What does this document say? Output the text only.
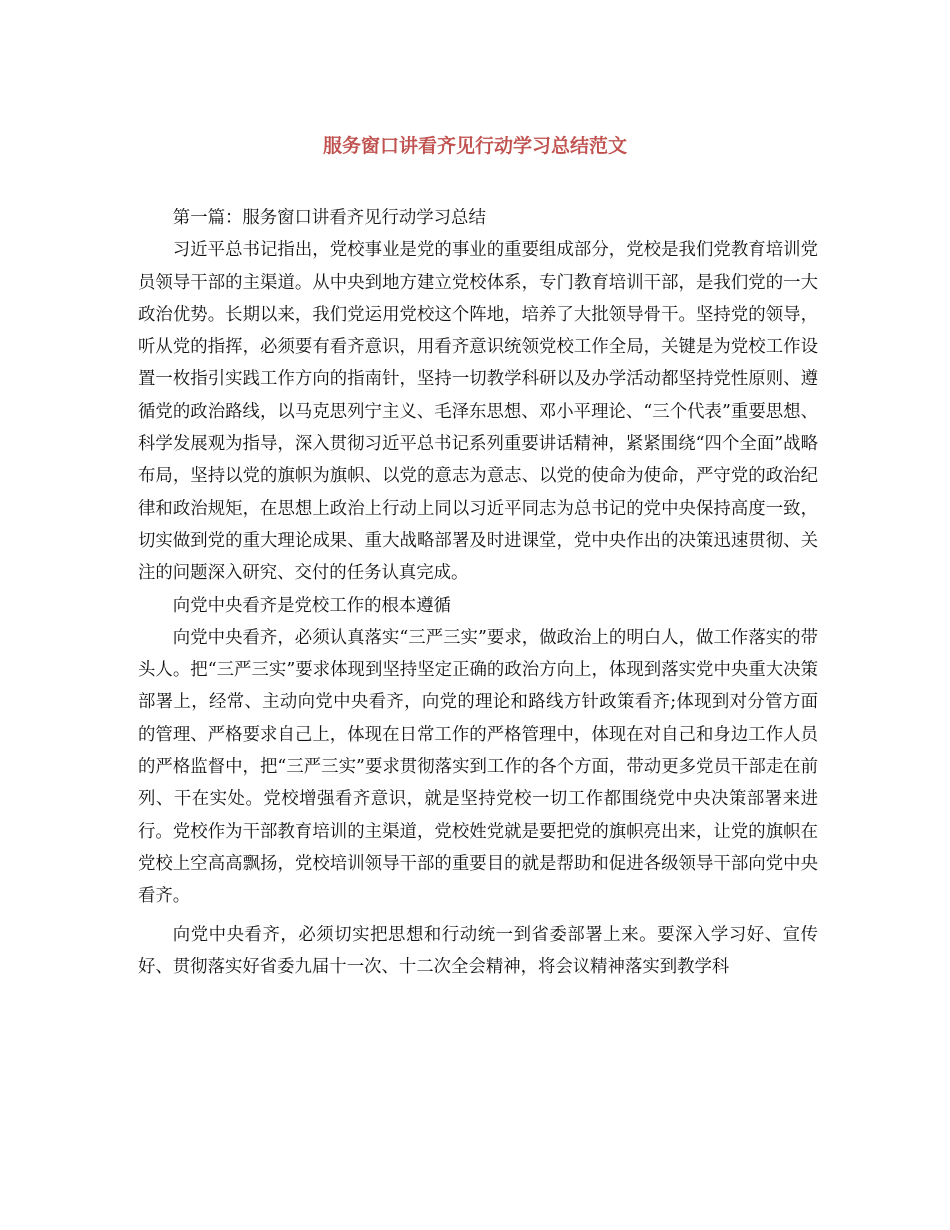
服务窗口讲看齐见行动学习总结范文

第一篇：服务窗口讲看齐见行动学习总结

习近平总书记指出，党校事业是党的事业的重要组成部分，党校是我们党教育培训党员领导干部的主渠道。从中央到地方建立党校体系，专门教育培训干部，是我们党的一大政治优势。长期以来，我们党运用党校这个阵地，培养了大批领导骨干。坚持党的领导，听从党的指挥，必须要有看齐意识，用看齐意识统领党校工作全局，关键是为党校工作设置一枚指引实践工作方向的指南针，坚持一切教学科研以及办学活动都坚持党性原则、遵循党的政治路线，以马克思列宁主义、毛泽东思想、邓小平理论、“三个代表”重要思想、科学发展观为指导，深入贯彻习近平总书记系列重要讲话精神，紧紧围绕“四个全面”战略布局，坚持以党的旗帜为旗帜、以党的意志为意志、以党的使命为使命，严守党的政治纪律和政治规矩，在思想上政治上行动上同以习近平同志为总书记的党中央保持高度一致，切实做到党的重大理论成果、重大战略部署及时进课堂，党中央作出的决策迅速贯彻、关注的问题深入研究、交付的任务认真完成。

向党中央看齐是党校工作的根本遵循

向党中央看齐，必须认真落实“三严三实”要求，做政治上的明白人，做工作落实的带头人。把“三严三实”要求体现到坚持坚定正确的政治方向上，体现到落实党中央重大决策部署上，经常、主动向党中央看齐，向党的理论和路线方针政策看齐;体现到对分管方面的管理、严格要求自己上，体现在日常工作的严格管理中，体现在对自己和身边工作人员的严格监督中，把“三严三实”要求贯彻落实到工作的各个方面，带动更多党员干部走在前列、干在实处。党校增强看齐意识，就是坚持党校一切工作都围绕党中央决策部署来进行。党校作为干部教育培训的主渠道，党校姓党就是要把党的旗帜亮出来，让党的旗帜在党校上空高高飘扬，党校培训领导干部的重要目的就是帮助和促进各级领导干部向党中央看齐。

向党中央看齐，必须切实把思想和行动统一到省委部署上来。要深入学习好、宣传好、贯彻落实好省委九届十一次、十二次全会精神，将会议精神落实到教学科
